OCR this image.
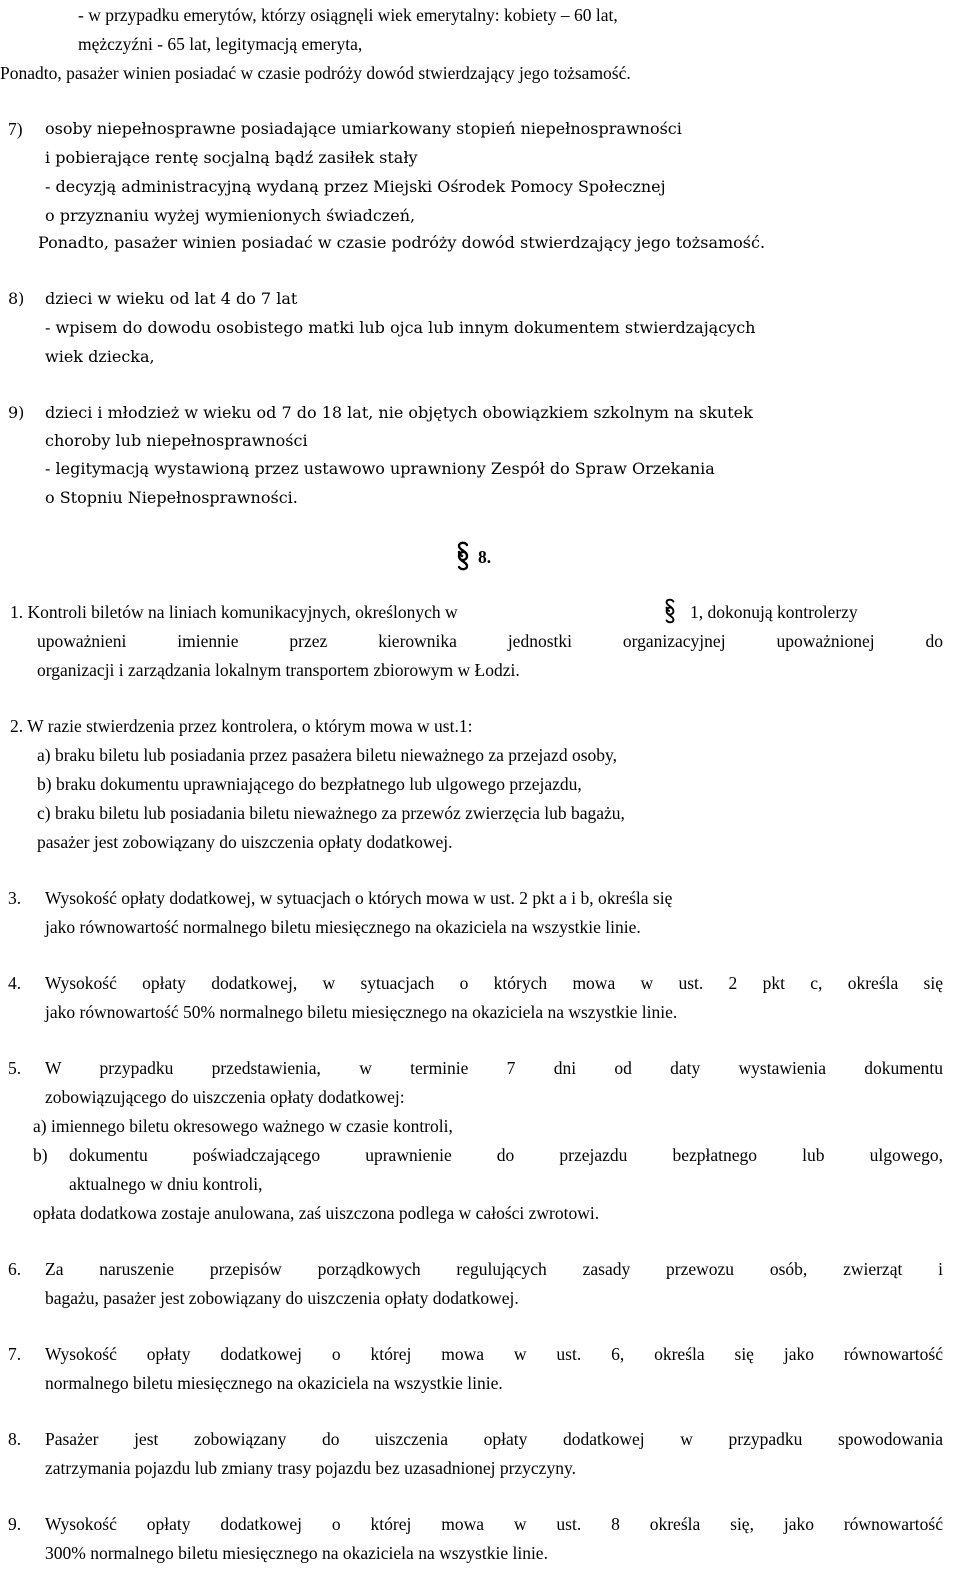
- w przypadku emerytów, którzy osiągnęli wiek emerytalny: kobiety – 60 lat,
mężczyźni - 65 lat, legitymacją emeryta,
Ponadto, pasażer winien posiadać w czasie podróży dowód stwierdzający jego tożsamość.
7) osoby niepełnosprawne posiadające umiarkowany stopień niepełnosprawności
i pobierające rentę socjalną bądź zasiłek stały
- decyzją administracyjną wydaną przez Miejski Ośrodek Pomocy Społecznej
o przyznaniu wyżej wymienionych świadczeń,
Ponadto, pasażer winien posiadać w czasie podróży dowód stwierdzający jego tożsamość.
8) dzieci w wieku od lat 4 do 7 lat
- wpisem do dowodu osobistego matki lub ojca lub innym dokumentem stwierdzających
wiek dziecka,
9) dzieci i młodzież w wieku od 7 do 18 lat, nie objętych obowiązkiem szkolnym na skutek
choroby lub niepełnosprawności
- legitymacją wystawioną przez ustawowo uprawniony Zespół do Spraw Orzekania
o Stopniu Niepełnosprawności.
8.
1. Kontroli biletów na liniach komunikacyjnych, określonych w	1, dokonują kontrolerzy
upoważnieni imiennie przez kierownika jednostki organizacyjnej upoważnionej do
organizacji i zarządzania lokalnym transportem zbiorowym w Łodzi.
2. W razie stwierdzenia przez kontrolera, o którym mowa w ust.1:
a) braku biletu lub posiadania przez pasażera biletu nieważnego za przejazd osoby,
b) braku dokumentu uprawniającego do bezpłatnego lub ulgowego przejazdu,
c) braku biletu lub posiadania biletu nieważnego za przewóz zwierzęcia lub bagażu,
pasażer jest zobowiązany do uiszczenia opłaty dodatkowej.
3. Wysokość opłaty dodatkowej, w sytuacjach o których mowa w ust. 2 pkt a i b, określa się
jako równowartość normalnego biletu miesięcznego na okaziciela na wszystkie linie.
4. Wysokość opłaty dodatkowej, w sytuacjach o których mowa w ust. 2 pkt c, określa się
jako równowartość 50% normalnego biletu miesięcznego na okaziciela na wszystkie linie.
5. W przypadku przedstawienia, w terminie 7 dni od daty wystawienia dokumentu
zobowiązującego do uiszczenia opłaty dodatkowej:
a) imiennego biletu okresowego ważnego w czasie kontroli,
b) dokumentu poświadczającego uprawnienie do przejazdu bezpłatnego lub ulgowego,
aktualnego w dniu kontroli,
opłata dodatkowa zostaje anulowana, zaś uiszczona podlega w całości zwrotowi.
6. Za naruszenie przepisów porządkowych regulujących zasady przewozu osób, zwierząt i
bagażu, pasażer jest zobowiązany do uiszczenia opłaty dodatkowej.
7. Wysokość opłaty dodatkowej o której mowa w ust. 6, określa się jako równowartość
normalnego biletu miesięcznego na okaziciela na wszystkie linie.
8. Pasażer jest zobowiązany do uiszczenia opłaty dodatkowej w przypadku spowodowania
zatrzymania pojazdu lub zmiany trasy pojazdu bez uzasadnionej przyczyny.
9. Wysokość opłaty dodatkowej o której mowa w ust. 8 określa się, jako równowartość
300% normalnego biletu miesięcznego na okaziciela na wszystkie linie.
